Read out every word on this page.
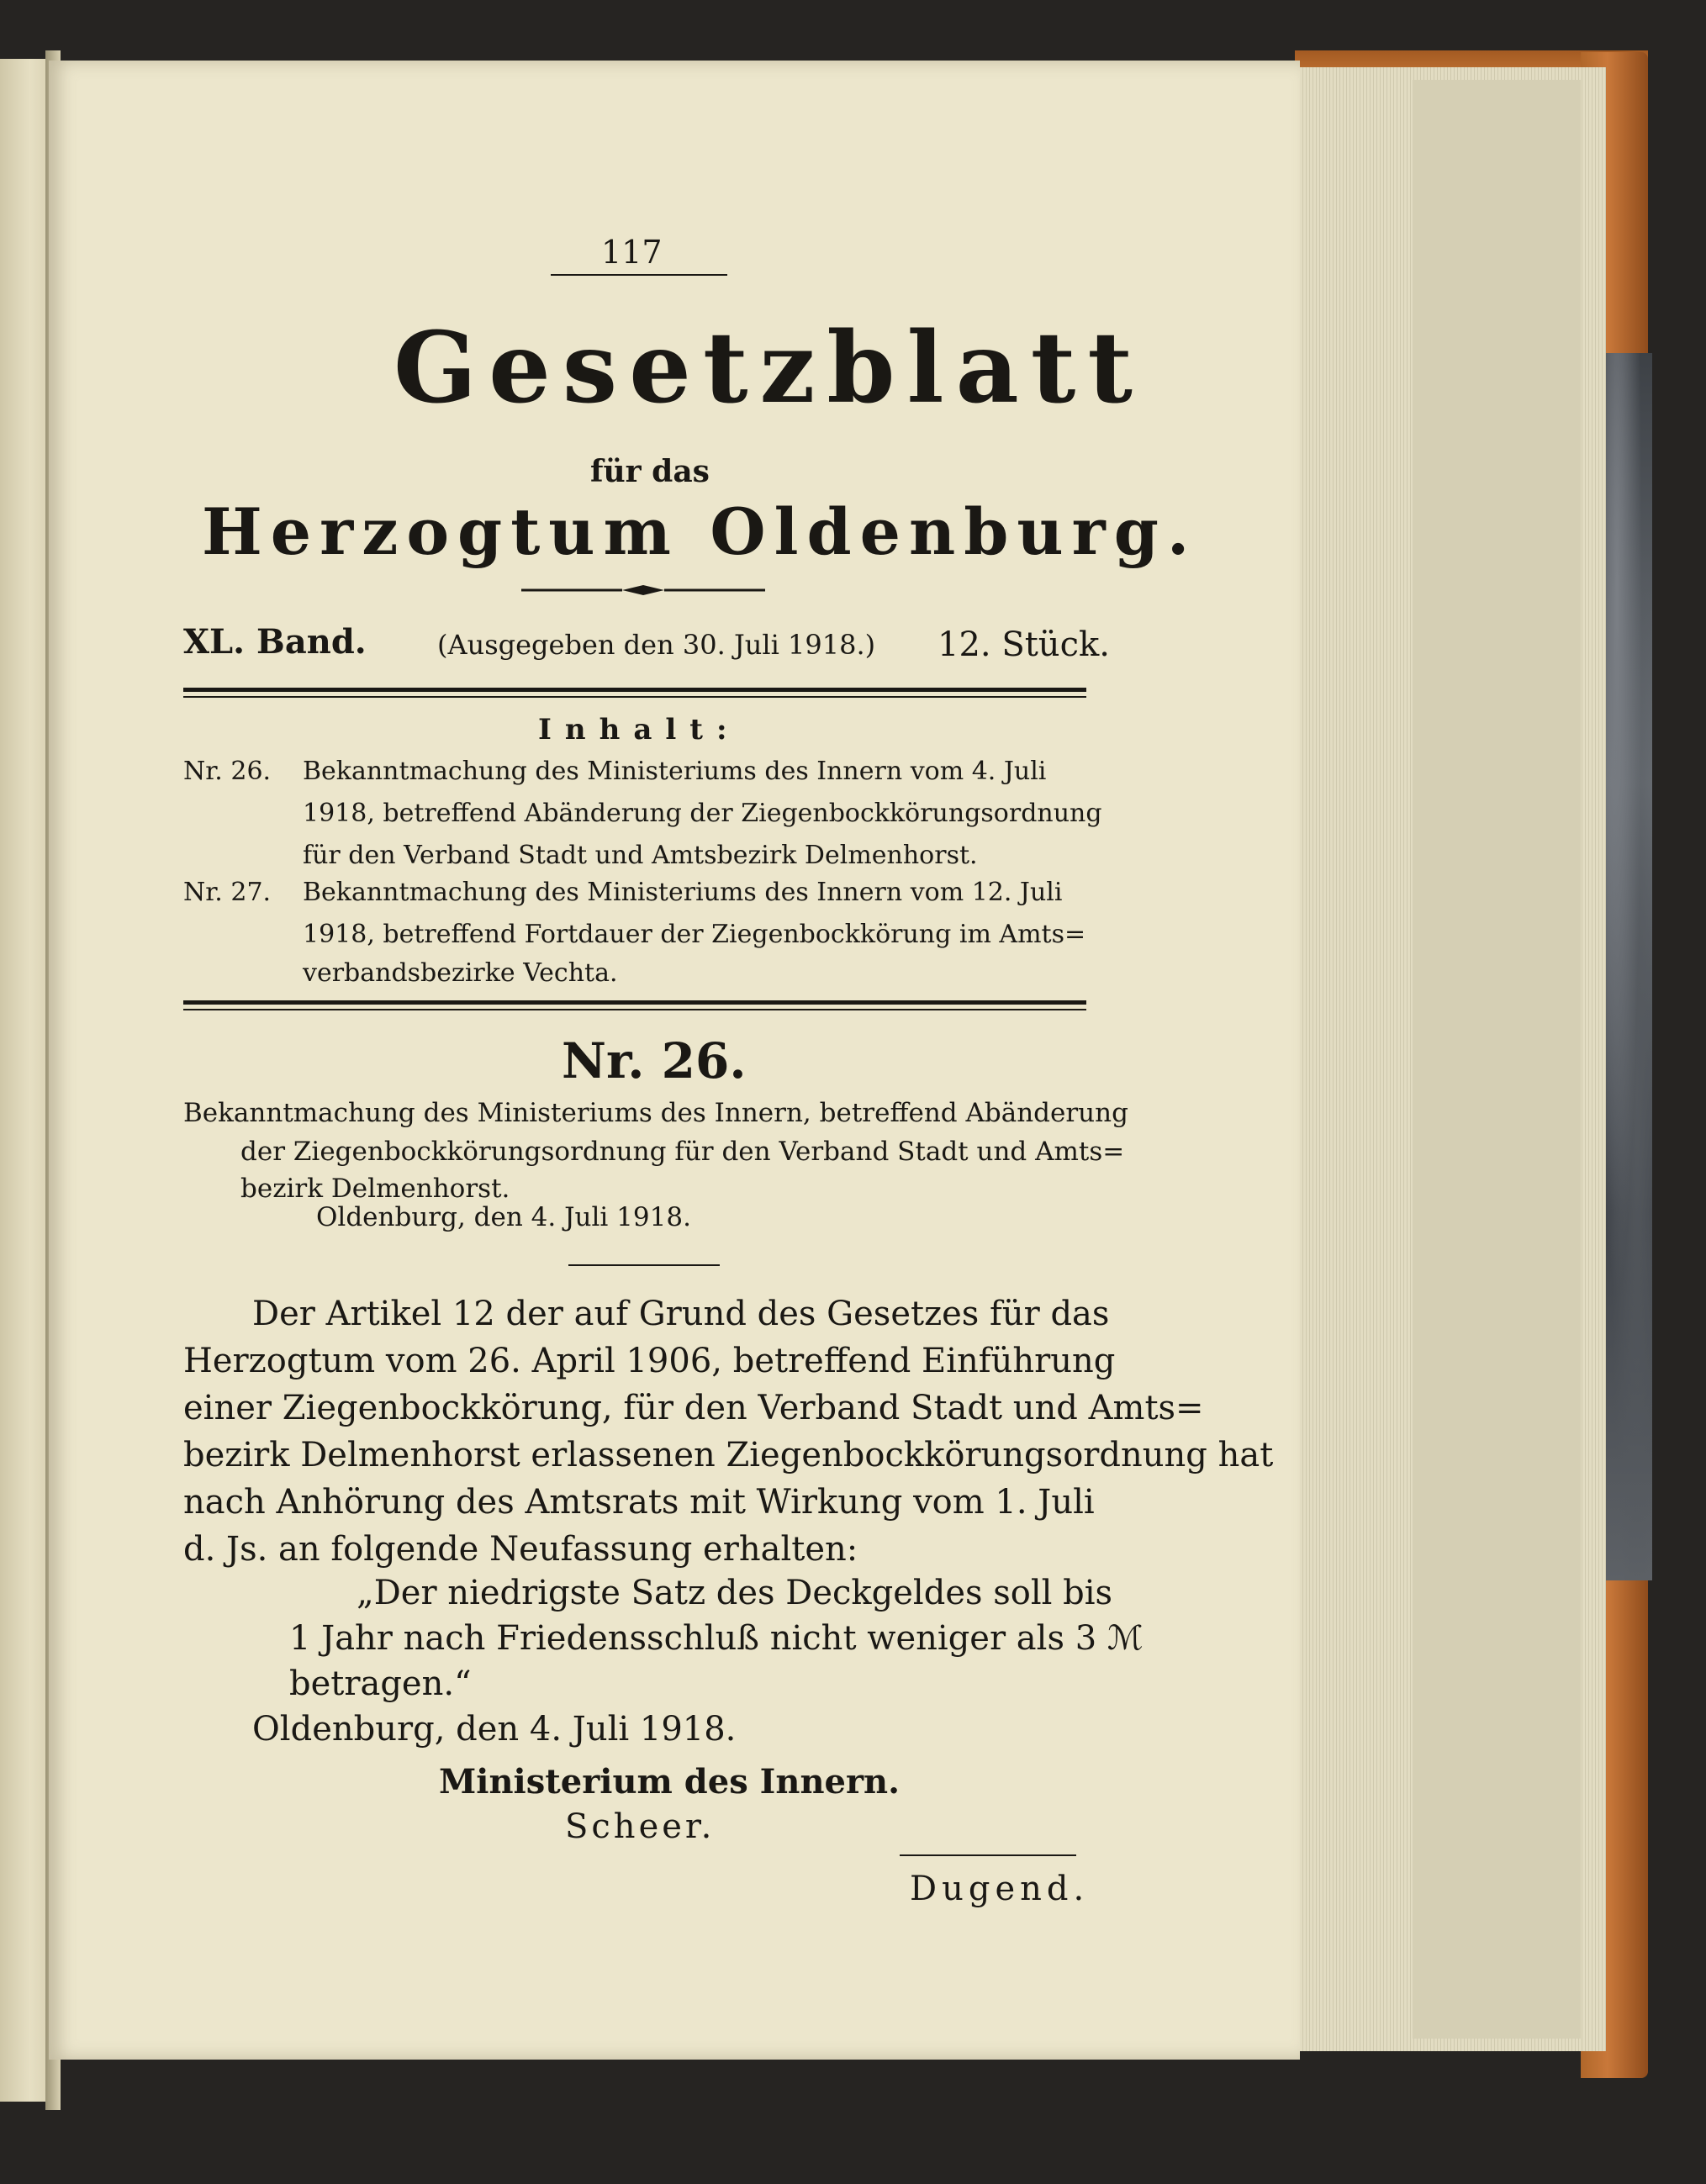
117
Gesetzblatt
für das
Herzogtum Oldenburg.
XL. Band.	(Ausgegeben den 30. Juli 1918.) 12. Stück.
Inhalt:
Nr. 26. Bekanntmachung des Ministeriums des Innern vom 4. Juli
1918, betreffend Abänderung der Ziegenbockkörungsordnung
für den Verband Stadt und Amtsbezirk Delmenhorst.
Nr. 27. Bekanntmachung des Ministeriums des Innern vom 12. Juli
1918, betreffend Fortdauer der Ziegenbockkörung im Amts=
verbandsbezirke Vechta.
Nr. 26.
Bekanntmachung des Ministeriums des Innern, betreffend Abänderung
der Ziegenbockkörungsordnung für den Verband Stadt und Amts=
bezirk Delmenhorst.
Oldenburg, den 4. Juli 1918.
Der Artikel 12 der auf Grund des Gesetzes für das
Herzogtum vom 26. April 1906, betreffend Einführung
einer Ziegenbockkörung, für den Verband Stadt und Amts=
bezirk Delmenhorst erlassenen Ziegenbockkörungsordnung hat
nach Anhörung des Amtsrats mit Wirkung vom 1. Juli
d. Js. an folgende Neufassung erhalten:
„Der niedrigste Satz des Deckgeldes soll bis
1 Jahr nach Friedensschluß nicht weniger als 3 ℳ
betragen.“
Oldenburg, den 4. Juli 1918.
Ministerium des Innern.
Scheer.
Dugend.
